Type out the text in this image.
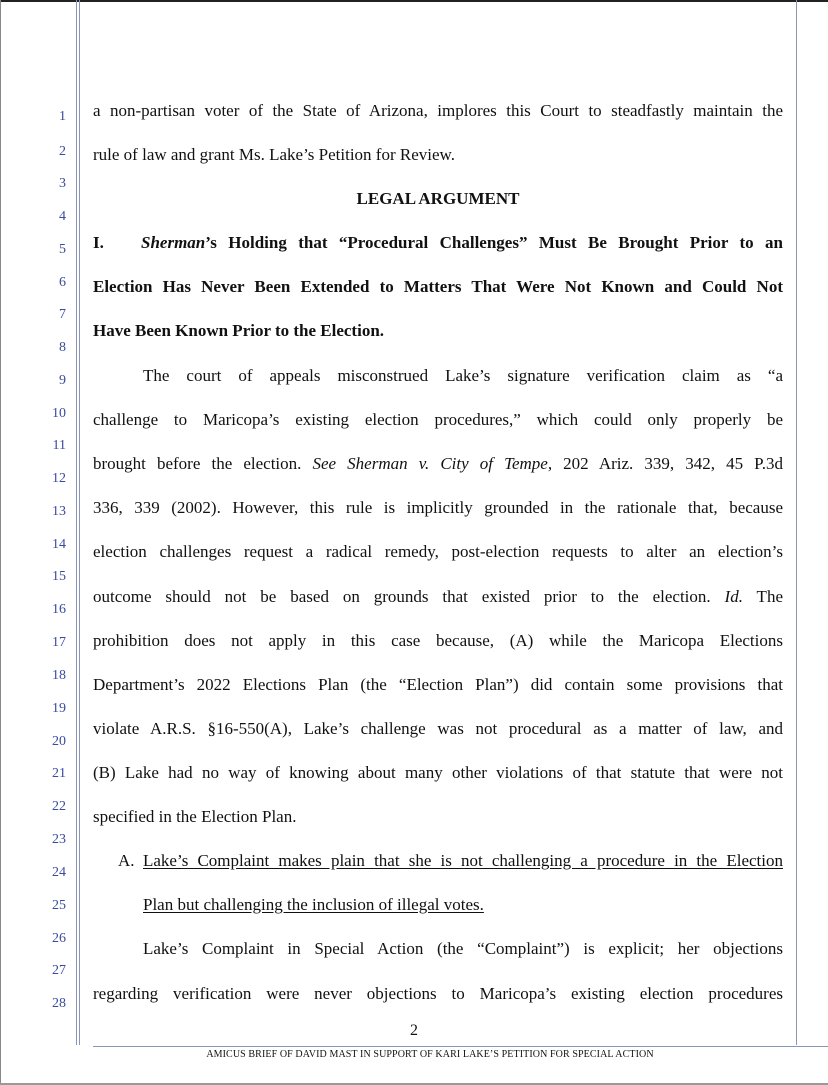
1
2
3
4
5
6
7
8
9
10
11
12
13
14
15
16
17
18
19
20
21
22
23
24
25
26
27
28
a non-partisan voter of the State of Arizona, implores this Court to steadfastly maintain the
rule of law and grant Ms. Lake’s Petition for Review.
LEGAL ARGUMENT
I. Sherman’s Holding that “Procedural Challenges” Must Be Brought Prior to an
Election Has Never Been Extended to Matters That Were Not Known and Could Not
Have Been Known Prior to the Election.
The court of appeals misconstrued Lake’s signature verification claim as “a
challenge to Maricopa’s existing election procedures,” which could only properly be
brought before the election. See Sherman v. City of Tempe, 202 Ariz. 339, 342, 45 P.3d
336, 339 (2002). However, this rule is implicitly grounded in the rationale that, because
election challenges request a radical remedy, post-election requests to alter an election’s
outcome should not be based on grounds that existed prior to the election. Id. The
prohibition does not apply in this case because, (A) while the Maricopa Elections
Department’s 2022 Elections Plan (the “Election Plan”) did contain some provisions that
violate A.R.S. §16-550(A), Lake’s challenge was not procedural as a matter of law, and
(B) Lake had no way of knowing about many other violations of that statute that were not
specified in the Election Plan.
A. Lake’s Complaint makes plain that she is not challenging a procedure in the Election
Plan but challenging the inclusion of illegal votes.
Lake’s Complaint in Special Action (the “Complaint”) is explicit; her objections
regarding verification were never objections to Maricopa’s existing election procedures
2
AMICUS BRIEF OF DAVID MAST IN SUPPORT OF KARI LAKE’S PETITION FOR SPECIAL ACTION
